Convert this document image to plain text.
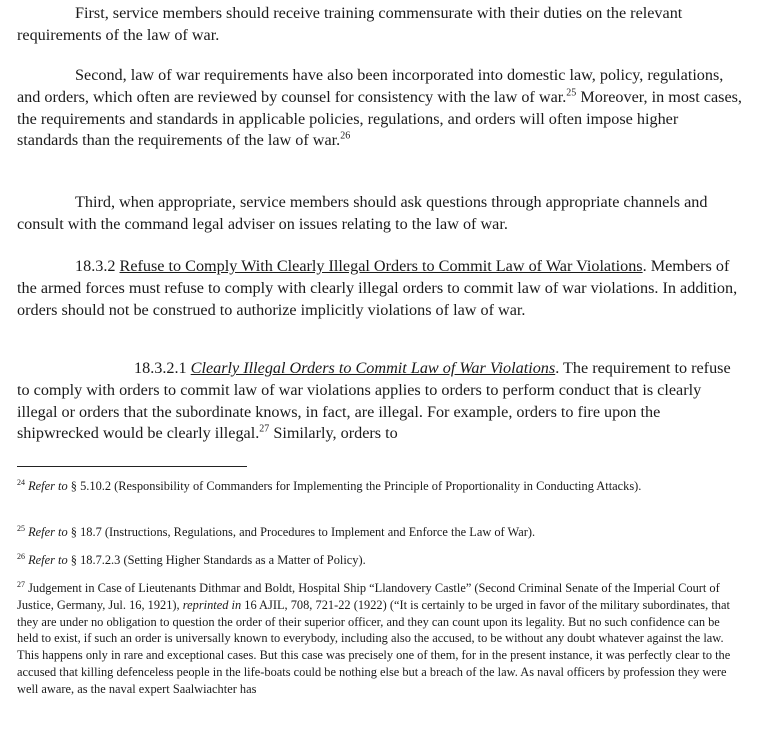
First, service members should receive training commensurate with their duties on the relevant requirements of the law of war.

Second, law of war requirements have also been incorporated into domestic law, policy, regulations, and orders, which often are reviewed by counsel for consistency with the law of war.$^{25}$ Moreover, in most cases, the requirements and standards in applicable policies, regulations, and orders will often impose higher standards than the requirements of the law of war.$^{26}$

Third, when appropriate, service members should ask questions through appropriate channels and consult with the command legal adviser on issues relating to the law of war.

18.3.2 Refuse to Comply With Clearly Illegal Orders to Commit Law of War Violations. Members of the armed forces must refuse to comply with clearly illegal orders to commit law of war violations. In addition, orders should not be construed to authorize implicitly violations of law of war.

18.3.2.1 Clearly Illegal Orders to Commit Law of War Violations. The requirement to refuse to comply with orders to commit law of war violations applies to orders to perform conduct that is clearly illegal or orders that the subordinate knows, in fact, are illegal. For example, orders to fire upon the shipwrecked would be clearly illegal.$^{27}$ Similarly, orders to

$^{24}$ Refer to § 5.10.2 (Responsibility of Commanders for Implementing the Principle of Proportionality in Conducting Attacks).

$^{25}$ Refer to § 18.7 (Instructions, Regulations, and Procedures to Implement and Enforce the Law of War).

$^{26}$ Refer to § 18.7.2.3 (Setting Higher Standards as a Matter of Policy).

$^{27}$ Judgement in Case of Lieutenants Dithmar and Boldt, Hospital Ship “Llandovery Castle” (Second Criminal Senate of the Imperial Court of Justice, Germany, Jul. 16, 1921), reprinted in 16 AJIL, 708, 721-22 (1922) (“It is certainly to be urged in favor of the military subordinates, that they are under no obligation to question the order of their superior officer, and they can count upon its legality. But no such confidence can be held to exist, if such an order is universally known to everybody, including also the accused, to be without any doubt whatever against the law. This happens only in rare and exceptional cases. But this case was precisely one of them, for in the present instance, it was perfectly clear to the accused that killing defenceless people in the life-boats could be nothing else but a breach of the law. As naval officers by profession they were well aware, as the naval expert Saalwiachter has
